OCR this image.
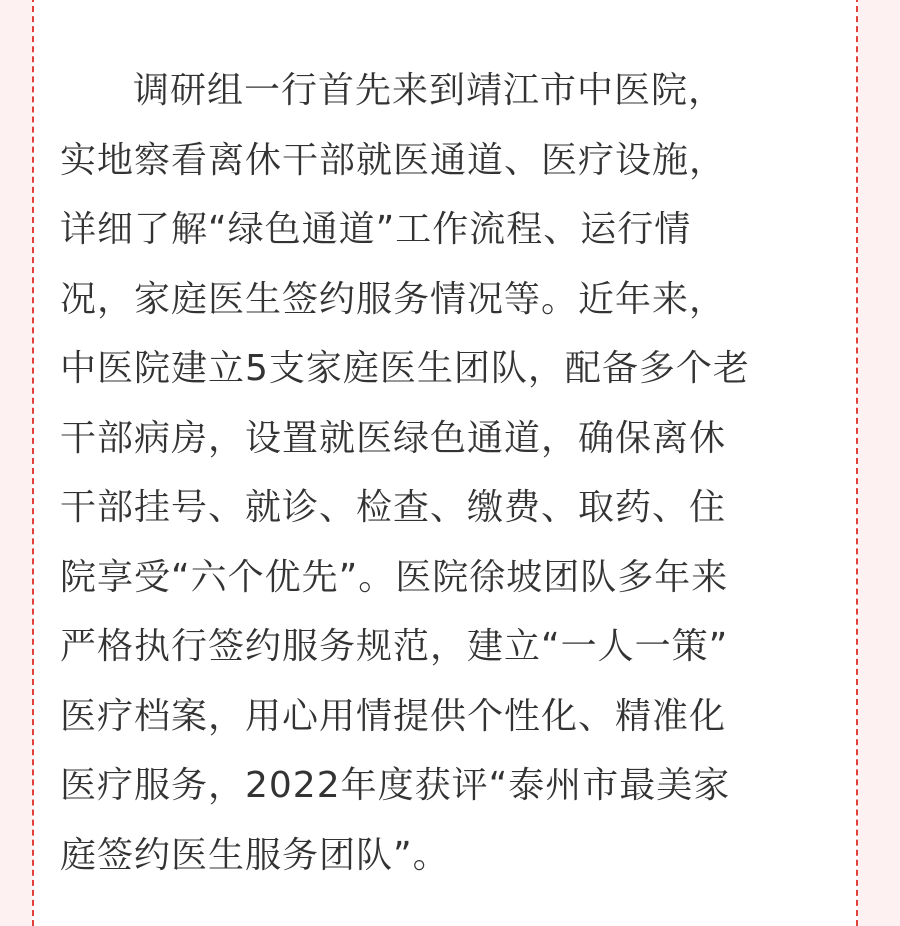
调研组一行首先来到靖江市中医院，
实地察看离休干部就医通道、医疗设施，
详细了解“绿色通道”工作流程、运行情
况，家庭医生签约服务情况等。近年来，
中医院建立5支家庭医生团队，配备多个老
干部病房，设置就医绿色通道，确保离休
干部挂号、就诊、检查、缴费、取药、住
院享受“六个优先”。医院徐坡团队多年来
严格执行签约服务规范，建立“一人一策”
医疗档案，用心用情提供个性化、精准化
医疗服务，2022年度获评“泰州市最美家
庭签约医生服务团队”。
